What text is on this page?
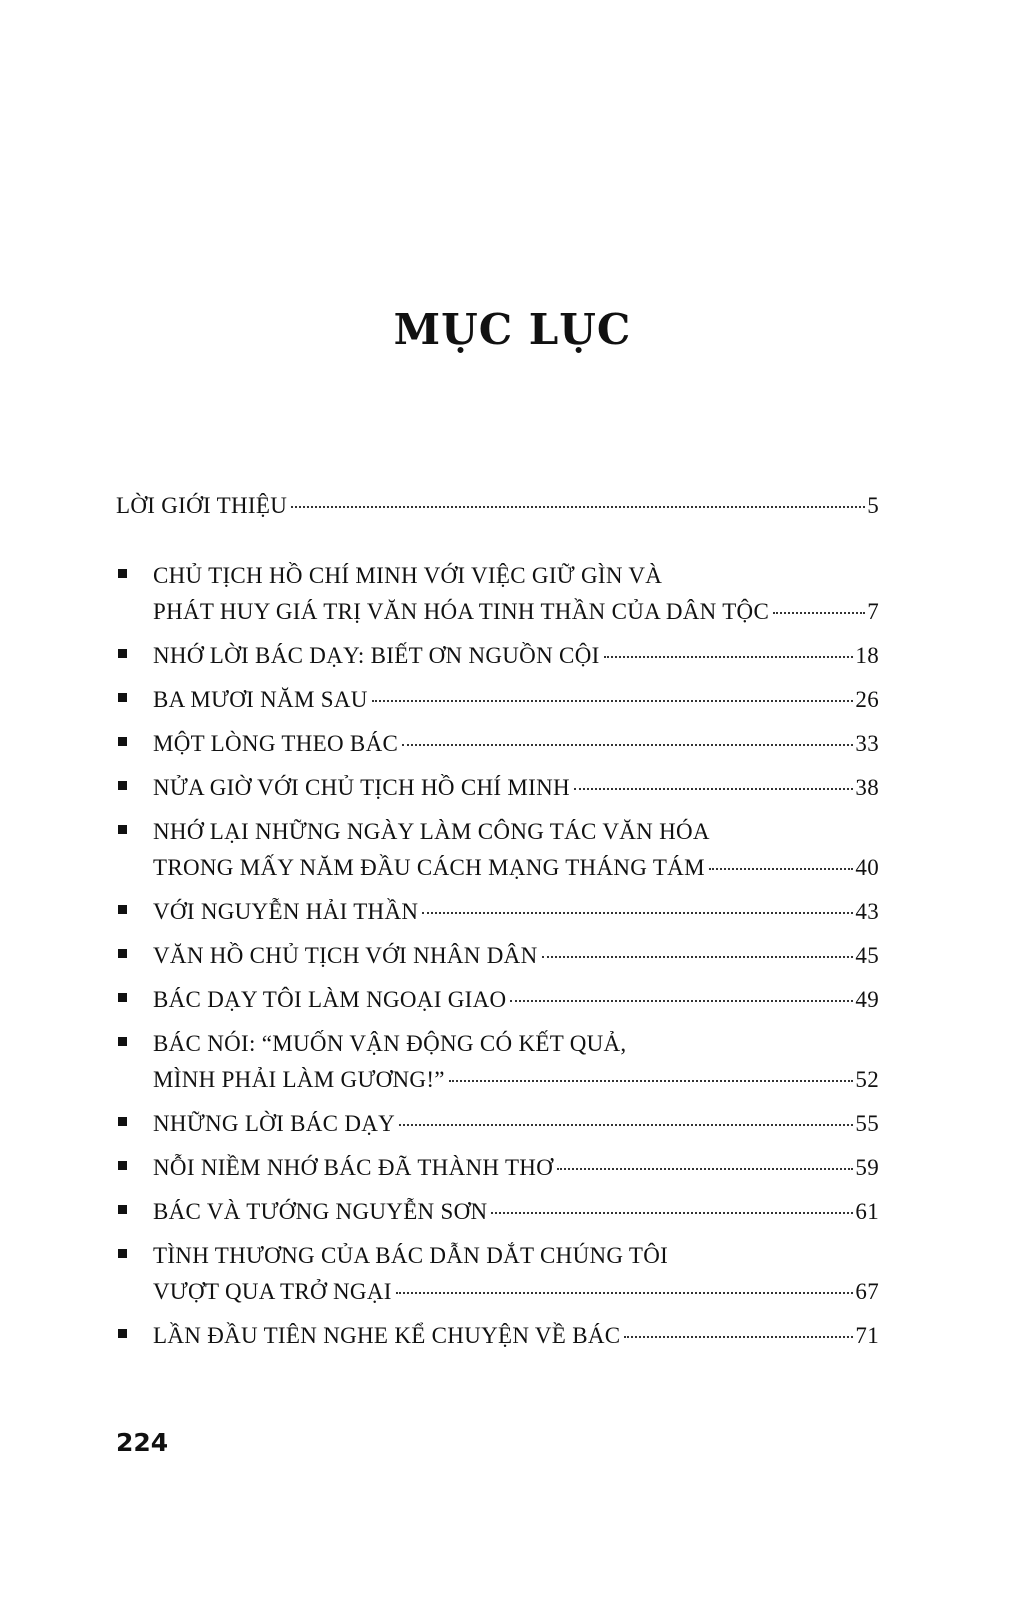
MỤC LỤC
LỜI GIỚI THIỆU	5
CHỦ TỊCH HỒ CHÍ MINH VỚI VIỆC GIỮ GÌN VÀ
PHÁT HUY GIÁ TRỊ VĂN HÓA TINH THẦN CỦA DÂN TỘC	7
NHỚ LỜI BÁC DẠY: BIẾT ƠN NGUỒN CỘI	18
BA MƯƠI NĂM SAU	26
MỘT LÒNG THEO BÁC	33
NỬA GIỜ VỚI CHỦ TỊCH HỒ CHÍ MINH	38
NHỚ LẠI NHỮNG NGÀY LÀM CÔNG TÁC VĂN HÓA
TRONG MẤY NĂM ĐẦU CÁCH MẠNG THÁNG TÁM	40
VỚI NGUYỄN HẢI THẦN	43
VĂN HỒ CHỦ TỊCH VỚI NHÂN DÂN	45
BÁC DẠY TÔI LÀM NGOẠI GIAO	49
BÁC NÓI: “MUỐN VẬN ĐỘNG CÓ KẾT QUẢ,
MÌNH PHẢI LÀM GƯƠNG!”	52
NHỮNG LỜI BÁC DẠY	55
NỖI NIỀM NHỚ BÁC ĐÃ THÀNH THƠ	59
BÁC VÀ TƯỚNG NGUYỄN SƠN	61
TÌNH THƯƠNG CỦA BÁC DẪN DẮT CHÚNG TÔI
VƯỢT QUA TRỞ NGẠI	67
LẦN ĐẦU TIÊN NGHE KỂ CHUYỆN VỀ BÁC	71
224
